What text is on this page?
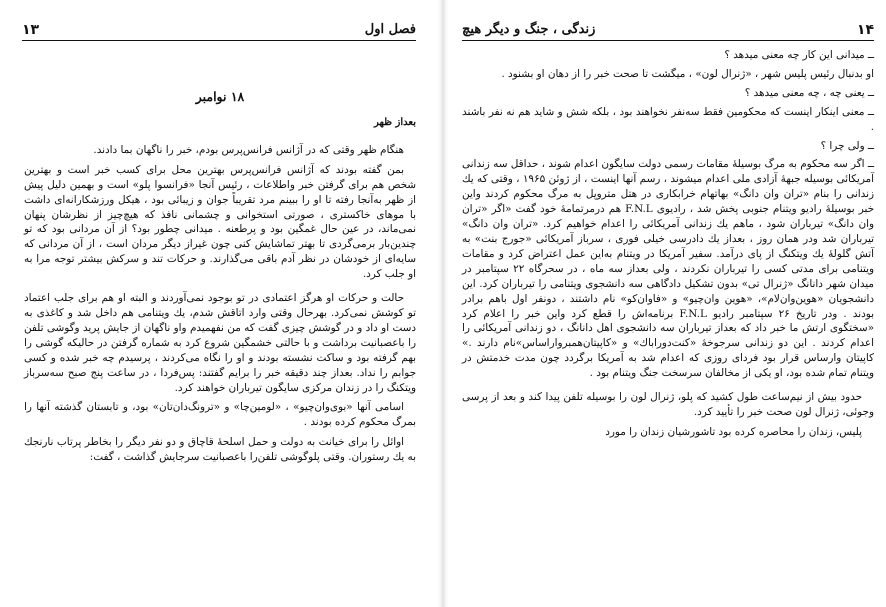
فصل اول
۱۳
۱۸ نوامبر
بعداز ظهر

هنگام ظهر وقتی که در آژانس فرانس‌پرس بودم، خبر را ناگهان بما دادند.

بمن گفته بودند که آژانس فرانس‌پرس بهترین محل برای کسب خبر است و بهترین شخص هم برای گرفتن خبر واطلاعات ، رئیس آنجا «فرانسوا پلو» است و بهمین دلیل پیش از ظهر به‌آنجا رفته تا او را ببینم مرد تقریباً جوان و زیبائی بود ، هیکل ورزشکارانه‌ای داشت با موهای خاکستری ، صورتی استخوانی و چشمانی نافذ که هیچ‌چیز از نظرشان پنهان نمی‌ماند، در عین حال غمگین بود و پرطعنه . میدانی چطور بود؟ از آن مردانی بود که تو چندین‌بار برمی‌گردی تا بهتر تماشایش کنی چون غیراز دیگر مردان است ، از آن مردانی که سایه‌ای از خودشان در نظر آدم باقی می‌گذارند. و حرکات تند و سرکش بیشتر توجه مرا به او جلب کرد.

حالت و حرکات او هرگز اعتمادی در تو بوجود نمی‌آوردند و البته او هم برای جلب اعتماد تو کوشش نمی‌کرد. بهرحال وقتی وارد اتاقش شدم، یك ویتنامی هم داخل شد و کاغذی به دست او داد و در گوشش چیزی گفت که من نفهمیدم واو ناگهان از جایش پرید وگوشی تلفن را باعصبانیت برداشت و با حالتی خشمگین شروع کرد به شماره گرفتن در حالیکه گوشی را بهم گرفته بود و ساکت نشسته بودند و او را نگاه می‌کردند ، پرسیدم چه خبر شده و کسی جوابم را نداد. بعداز چند دقیقه خبر را برایم گفتند: پس‌فردا ، در ساعت پنج صبح سه‌سرباز ویتکنگ را در زندان مرکزی سایگون تیرباران خواهند کرد.

اسامی آنها «بوی‌وان‌چیو» ، «لومین‌چا» و «ترونگ‌دان‌تان» بود، و تابستان گذشته آنها را بمرگ محکوم کرده بودند .

اوائل را برای خیانت به دولت و حمل اسلحهٔ قاچاق و دو نفر دیگر را بخاطر پرتاب نارنجك به یك رستوران. وقتی پلوگوشی تلفن‌را باعصبانیت سرجایش گذاشت ، گفت:

۱۴
زندگی ، جنگ و دیگر هیچ

ــ میدانی این کار چه معنی میدهد ؟

او بدنبال رئیس پلیس شهر ، «ژنرال لون» ، میگشت تا صحت خبر را از دهان او بشنود .

ــ یعنی چه ، چه معنی میدهد ؟

ــ معنی اینکار اینست که محکومین فقط سه‌نفر نخواهند بود ، بلکه شش و شاید هم نه نفر باشند .

ــ ولی چرا ؟

ــ اگر سه محکوم به مرگ بوسیلهٔ مقامات رسمی دولت سایگون اعدام شوند ، حداقل سه زندانی آمریکائی بوسیله جبههٔ آزادی ملی اعدام میشوند ، رسم آنها اینست ، از ژوئن ۱۹۶۵ ، وقتی که یك زندانی را بنام «تران وان دانگ» بهاتهام خرابکاری در هتل متروپل به مرگ محکوم کردند واین خبر بوسیلهٔ رادیو ویتنام جنوبی پخش شد ، رادیوی F.N.L هم درمرتمامهٔ خود گفت «اگر «تران وان دانگ» تیرباران شود ، ماهم یك زندانی آمریکائی را اعدام خواهیم کرد. «تران وان دانگ» تیرباران شد ودر همان روز ، بعداز یك دادرسی خیلی فوری ، سرباز آمریکائی «جورج بنت» به آتش گلولهٔ یك ویتکنگ از پای درآمد. سفیر آمریکا در ویتنام به‌این عمل اعتراض کرد و مقامات ویتنامی برای مدتی کسی را تیرباران نکردند ، ولی بعداز سه ماه ، در سحرگاه ۲۲ سپتامبر در میدان شهر دانانگ «ژنرال تی» بدون تشکیل دادگاهی سه دانشجوی ویتنامی را تیرباران کرد. این دانشجویان «هوین‌وان‌لام»، «هوین وان‌چیو» و «فاوان‌کو» نام داشتند ، دونفر اول باهم برادر بودند . ودر تاریخ ۲۶ سپتامبر رادیو F.N.L برنامه‌اش را قطع کرد واین خبر را اعلام کرد «سختگوی ارتش ما خبر داد که بعداز تیرباران سه دانشجوی اهل دانانگ ، دو زندانی آمریکائی را اعدام کردند . این دو زندانی سرجوخهٔ «کنت‌دوراباك» و «کاپیتان‌همبرواراساس»نام دارند .» کاپیتان وارساس قرار بود فردای روزی که اعدام شد به آمریکا برگردد چون مدت خدمتش در ویتنام تمام شده بود، او یکی از مخالفان سرسخت جنگ ویتنام بود .

حدود بیش از نیم‌ساعت طول کشید که پلو، ژنرال لون را بوسیله تلفن پیدا کند و بعد از پرسی وجوئی، ژنرال لون صحت خبر را تأیید کرد.

پلیس، زندان را محاصره کرده بود تاشورشیان زندان را مورد
